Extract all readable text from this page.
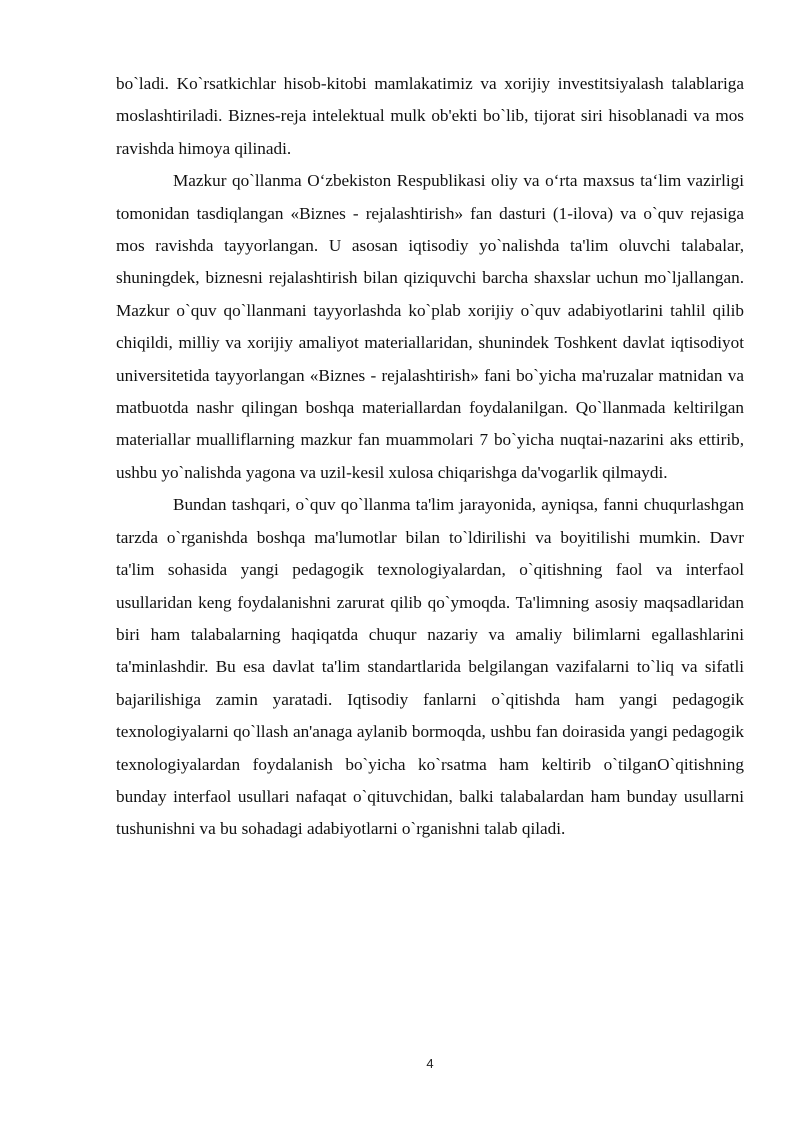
bo`ladi. Ko`rsatkichlar hisob-kitobi mamlakatimiz va xorijiy investitsiyalash talablariga moslashtiriladi. Biznes-reja intelektual mulk ob'ekti bo`lib, tijorat siri hisoblanadi va mos ravishda himoya qilinadi.

Mazkur qo`llanma O‘zbekiston Respublikasi oliy va o‘rta maxsus ta‘lim vazirligi tomonidan tasdiqlangan «Biznes - rejalashtirish» fan dasturi (1-ilova) va o`quv rejasiga mos ravishda tayyorlangan. U asosan iqtisodiy yo`nalishda ta'lim oluvchi talabalar, shuningdek, biznesni rejalashtirish bilan qiziquvchi barcha shaxslar uchun mo`ljallangan. Mazkur o`quv qo`llanmani tayyorlashda ko`plab xorijiy o`quv adabiyotlarini tahlil qilib chiqildi, milliy va xorijiy amaliyot materiallaridan, shunindek Toshkent davlat iqtisodiyot universitetida tayyorlangan «Biznes - rejalashtirish» fani bo`yicha ma'ruzalar matnidan va matbuotda nashr qilingan boshqa materiallardan foydalanilgan. Qo`llanmada keltirilgan materiallar mualliflarning mazkur fan muammolari 7 bo`yicha nuqtai-nazarini aks ettirib, ushbu yo`nalishda yagona va uzil-kesil xulosa chiqarishga da'vogarlik qilmaydi.

Bundan tashqari, o`quv qo`llanma ta'lim jarayonida, ayniqsa, fanni chuqurlashgan tarzda o`rganishda boshqa ma'lumotlar bilan to`ldirilishi va boyitilishi mumkin. Davr ta'lim sohasida yangi pedagogik texnologiyalardan, o`qitishning faol va interfaol usullaridan keng foydalanishni zarurat qilib qo`ymoqda. Ta'limning asosiy maqsadlaridan biri ham talabalarning haqiqatda chuqur nazariy va amaliy bilimlarni egallashlarini ta'minlashdir. Bu esa davlat ta'lim standartlarida belgilangan vazifalarni to`liq va sifatli bajarilishiga zamin yaratadi. Iqtisodiy fanlarni o`qitishda ham yangi pedagogik texnologiyalarni qo`llash an'anaga aylanib bormoqda, ushbu fan doirasida yangi pedagogik texnologiyalardan foydalanish bo`yicha ko`rsatma ham keltirib o`tilganO`qitishning bunday interfaol usullari nafaqat o`qituvchidan, balki talabalardan ham bunday usullarni tushunishni va bu sohadagi adabiyotlarni o`rganishni talab qiladi.

4
